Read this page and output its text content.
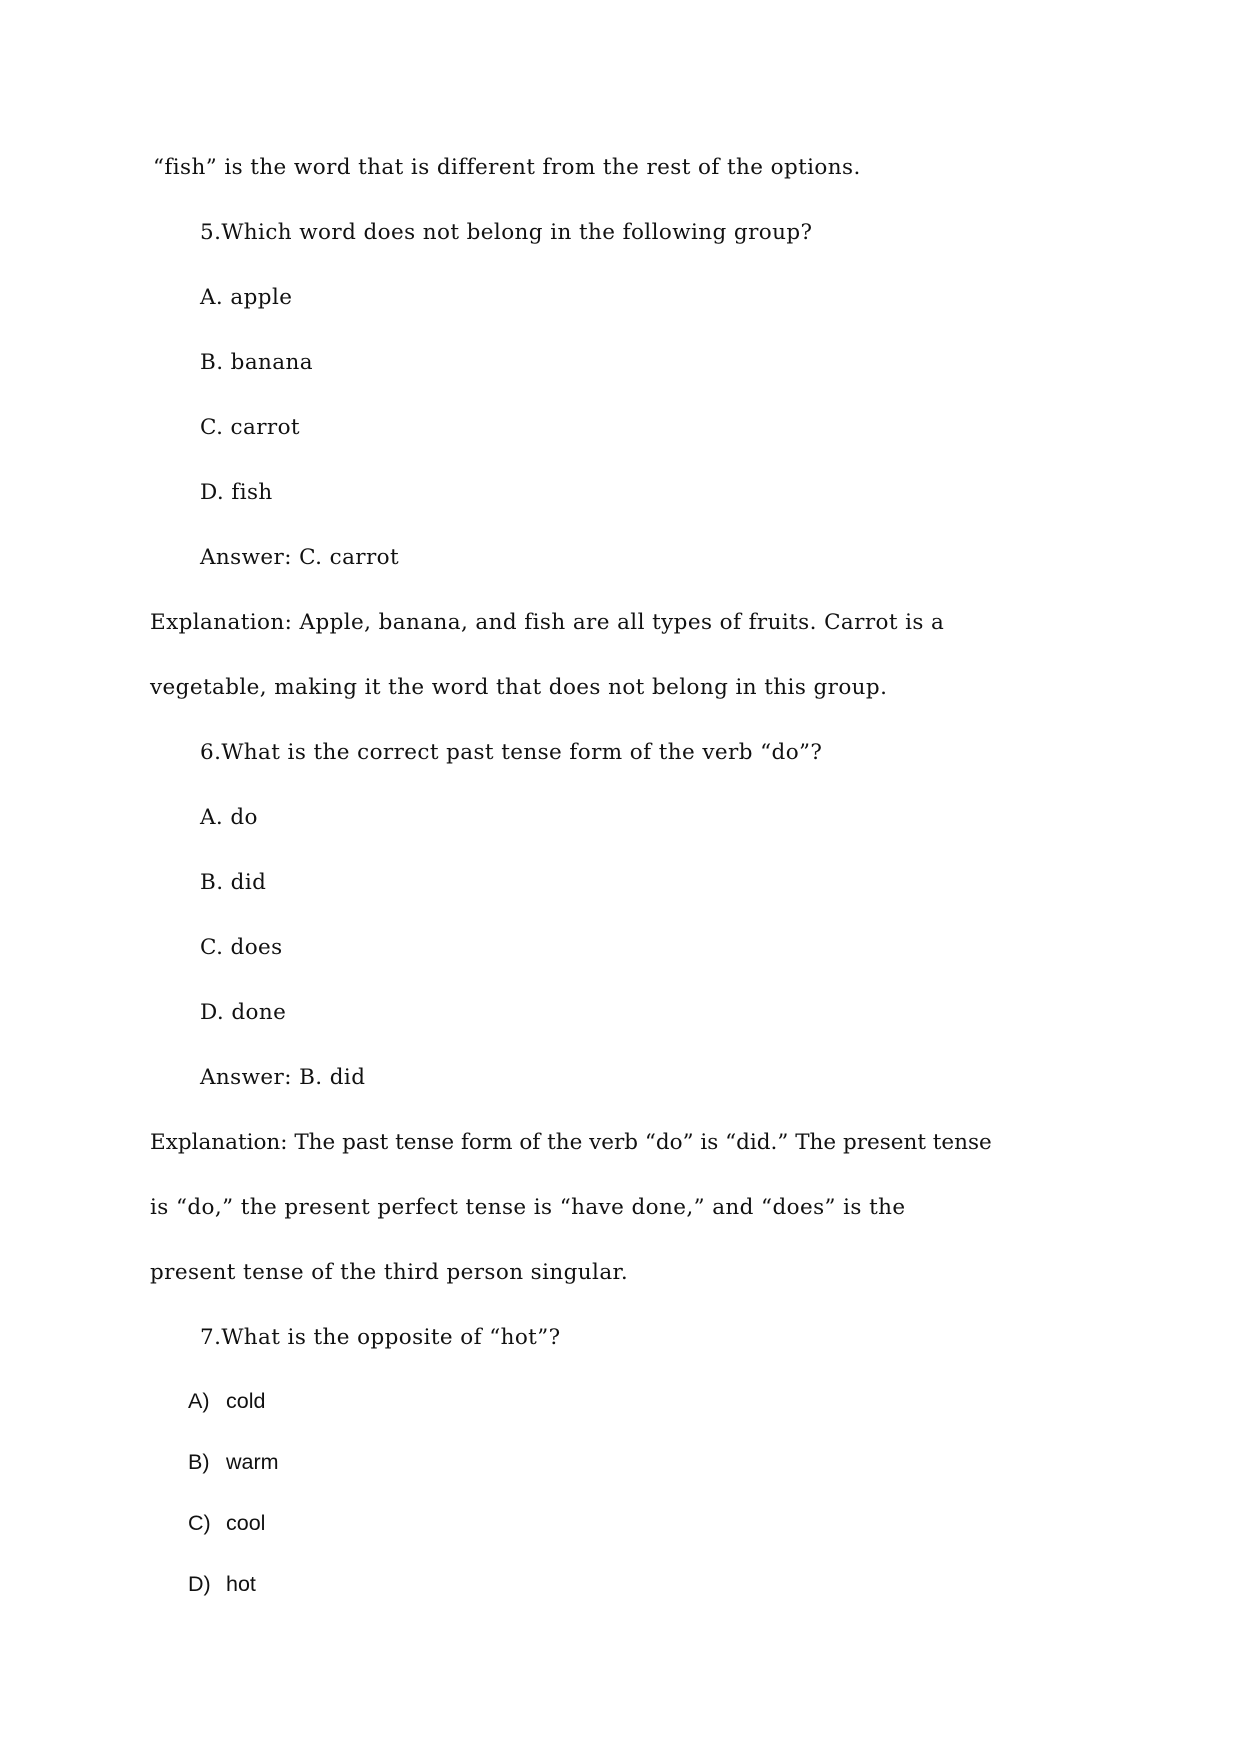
“fish” is the word that is different from the rest of the options.
5.Which word does not belong in the following group?
A. apple
B. banana
C. carrot
D. fish
Answer: C. carrot
Explanation: Apple, banana, and fish are all types of fruits. Carrot is a
vegetable, making it the word that does not belong in this group.
6.What is the correct past tense form of the verb “do”?
A. do
B. did
C. does
D. done
Answer: B. did
Explanation: The past tense form of the verb “do” is “did.” The present tense
is “do,” the present perfect tense is “have done,” and “does” is the
present tense of the third person singular.
7.What is the opposite of “hot”?
A) cold
B) warm
C) cool
D) hot
